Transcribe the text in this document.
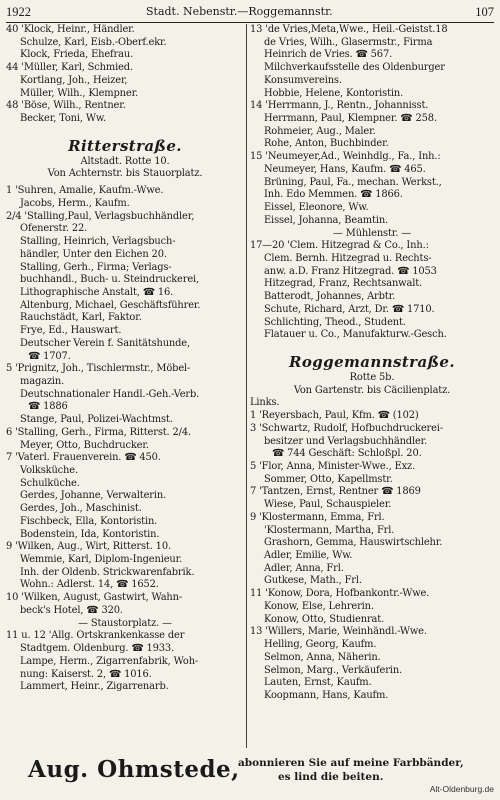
1922	Stadt. Nebenstr.—Roggemannstr.	107
40 'Klock, Heinr., Händler.
Schulze, Karl, Eisb.-Oberf.ekr.
Klock, Frieda, Ehefrau.
44 'Müller, Karl, Schmied.
Kortlang, Joh., Heizer,
Müller, Wilh., Klempner.
48 'Böse, Wilh., Rentner.
Becker, Toni, Ww.
Ritterstraße.
Altstadt. Rotte 10.
Von Achternstr. bis Stauorplatz.
1 'Suhren, Amalie, Kaufm.-Wwe.
Jacobs, Herm., Kaufm.
2/4 'Stalling,Paul, Verlagsbuchhändler,
Ofenerstr. 22.
Stalling, Heinrich, Verlagsbuch-
händler, Unter den Eichen 20.
Stalling, Gerh., Firma; Verlags-
buchhandl., Buch- u. Steindruckerei,
Lithographische Anstalt, ☎ 16.
Altenburg, Michael, Geschäftsführer.
Rauchstädt, Karl, Faktor.
Frye, Ed., Hauswart.
Deutscher Verein f. Sanitätshunde,
☎ 1707.
5 'Prignitz, Joh., Tischlermstr., Möbel-
magazin.
Deutschnationaler Handl.-Geh.-Verb.
☎ 1886
Stange, Paul, Polizei-Wachtmst.
6 'Stalling, Gerh., Firma, Ritterst. 2/4.
Meyer, Otto, Buchdrucker.
7 'Vaterl. Frauenverein. ☎ 450.
Volksküche.
Schulküche.
Gerdes, Johanne, Verwalterin.
Gerdes, Joh., Maschinist.
Fischbeck, Ella, Kontoristin.
Bodenstein, Ida, Kontoristin.
9 'Wilken, Aug., Wirt, Ritterst. 10.
Wemmie, Karl, Diplom-Ingenieur.
Inh. der Oldenb. Strickwarenfabrik.
Wohn.: Adlerst. 14, ☎ 1652.
10 'Wilken, August, Gastwirt, Wahn-
beck's Hotel, ☎ 320.
— Staustorplatz. —
11 u. 12 'Allg. Ortskrankenkasse der
Stadtgem. Oldenburg. ☎ 1933.
Lampe, Herm., Zigarrenfabrik, Woh-
nung: Kaiserst. 2, ☎ 1016.
Lammert, Heinr., Zigarrenarb.
13 'de Vries,Meta,Wwe., Heil.-Geistst.18
de Vries, Wilh., Glasermstr., Firma
Heinrich de Vries. ☎ 567.
Milchverkaufsstelle des Oldenburger
Konsumvereins.
Hobbie, Helene, Kontoristin.
14 'Herrmann, J., Rentn., Johannisst.
Herrmann, Paul, Klempner. ☎ 258.
Rohmeier, Aug., Maler.
Rohe, Anton, Buchbinder.
15 'Neumeyer,Ad., Weinhdlg., Fa., Inh.:
Neumeyer, Hans, Kaufm. ☎ 465.
Brüning, Paul, Fa., mechan. Werkst.,
Inh. Edo Memmen. ☎ 1866.
Eissel, Eleonore, Ww.
Eissel, Johanna, Beamtin.
— Mühlenstr. —
17—20 'Clem. Hitzegrad & Co., Inh.:
Clem. Bernh. Hitzegrad u. Rechts-
anw. a.D. Franz Hitzegrad. ☎ 1053
Hitzegrad, Franz, Rechtsanwalt.
Batterodt, Johannes, Arbtr.
Schute, Richard, Arzt, Dr. ☎ 1710.
Schlichting, Theod., Student.
Flatauer u. Co., Manufakturw.-Gesch.
Roggemannstraße.
Rotte 5b.
Von Gartenstr. bis Cäcilienplatz.
Links.
1 'Reyersbach, Paul, Kfm. ☎ (102)
3 'Schwartz, Rudolf, Hofbuchdruckerei-
besitzer und Verlagsbuchhändler.
☎ 744 Geschäft: Schloßpl. 20.
5 'Flor, Anna, Minister-Wwe., Exz.
Sommer, Otto, Kapellmstr.
7 'Tantzen, Ernst, Rentner ☎ 1869
Wiese, Paul, Schauspieler.
9 'Klostermann, Emma, Frl.
'Klostermann, Martha, Frl.
Grashorn, Gemma, Hauswirtschlehr.
Adler, Emilie, Ww.
Adler, Anna, Frl.
Gutkese, Math., Frl.
11 'Konow, Dora, Hofbankontr.-Wwe.
Konow, Else, Lehrerin.
Konow, Otto, Studienrat.
13 'Willers, Marie, Weinhändl.-Wwe.
Helling, Georg, Kaufm.
Selmon, Anna, Näherin.
Selmon, Marg., Verkäuferin.
Lauten, Ernst, Kaufm.
Koopmann, Hans, Kaufm.
Aug. Ohmstede,
abonnieren Sie auf meine Farbbänder,
es lind die beiten.
Alt-Oldenburg.de
